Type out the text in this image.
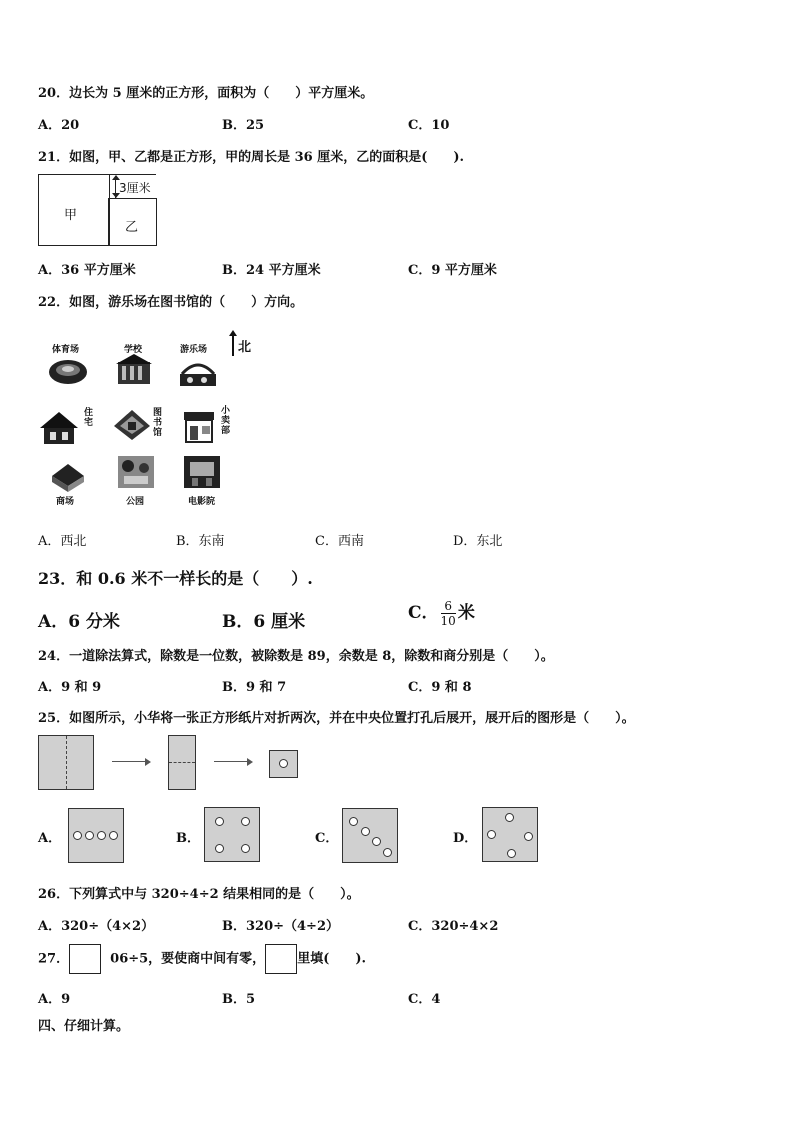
20．边长为 5 厘米的正方形，面积为（　　）平方厘米。
A．20	B．25	C．10
21．如图，甲、乙都是正方形，甲的周长是 36 厘米，乙的面积是(　　).
3厘米
甲
乙
A．36 平方厘米	B．24 平方厘米	C．9 平方厘米
22．如图，游乐场在图书馆的（　　）方向。
北
体育场	学校	游乐场
住宅
图书馆
小卖部
商场	公园	电影院
A．西北	B．东南	C．西南	D．东北
23．和 0.6 米不一样长的是（　　）.
A．6 分米	B．6 厘米	C． $\frac{6}{10}$ 米
24．一道除法算式，除数是一位数，被除数是 89，余数是 8，除数和商分别是（　　）。
A．9 和 9	B．9 和 7	C．9 和 8
25．如图所示，小华将一张正方形纸片对折两次，并在中央位置打孔后展开，展开后的图形是（　　）。
A．	B．	C．	D．
26．下列算式中与 320÷4÷2 结果相同的是（　　）。
A．320÷（4×2）	B．320÷（4÷2）	C．320÷4×2
27．	06÷5，要使商中间有零， 里填(　　).
A．9	B．5	C．4
四、仔细计算。
